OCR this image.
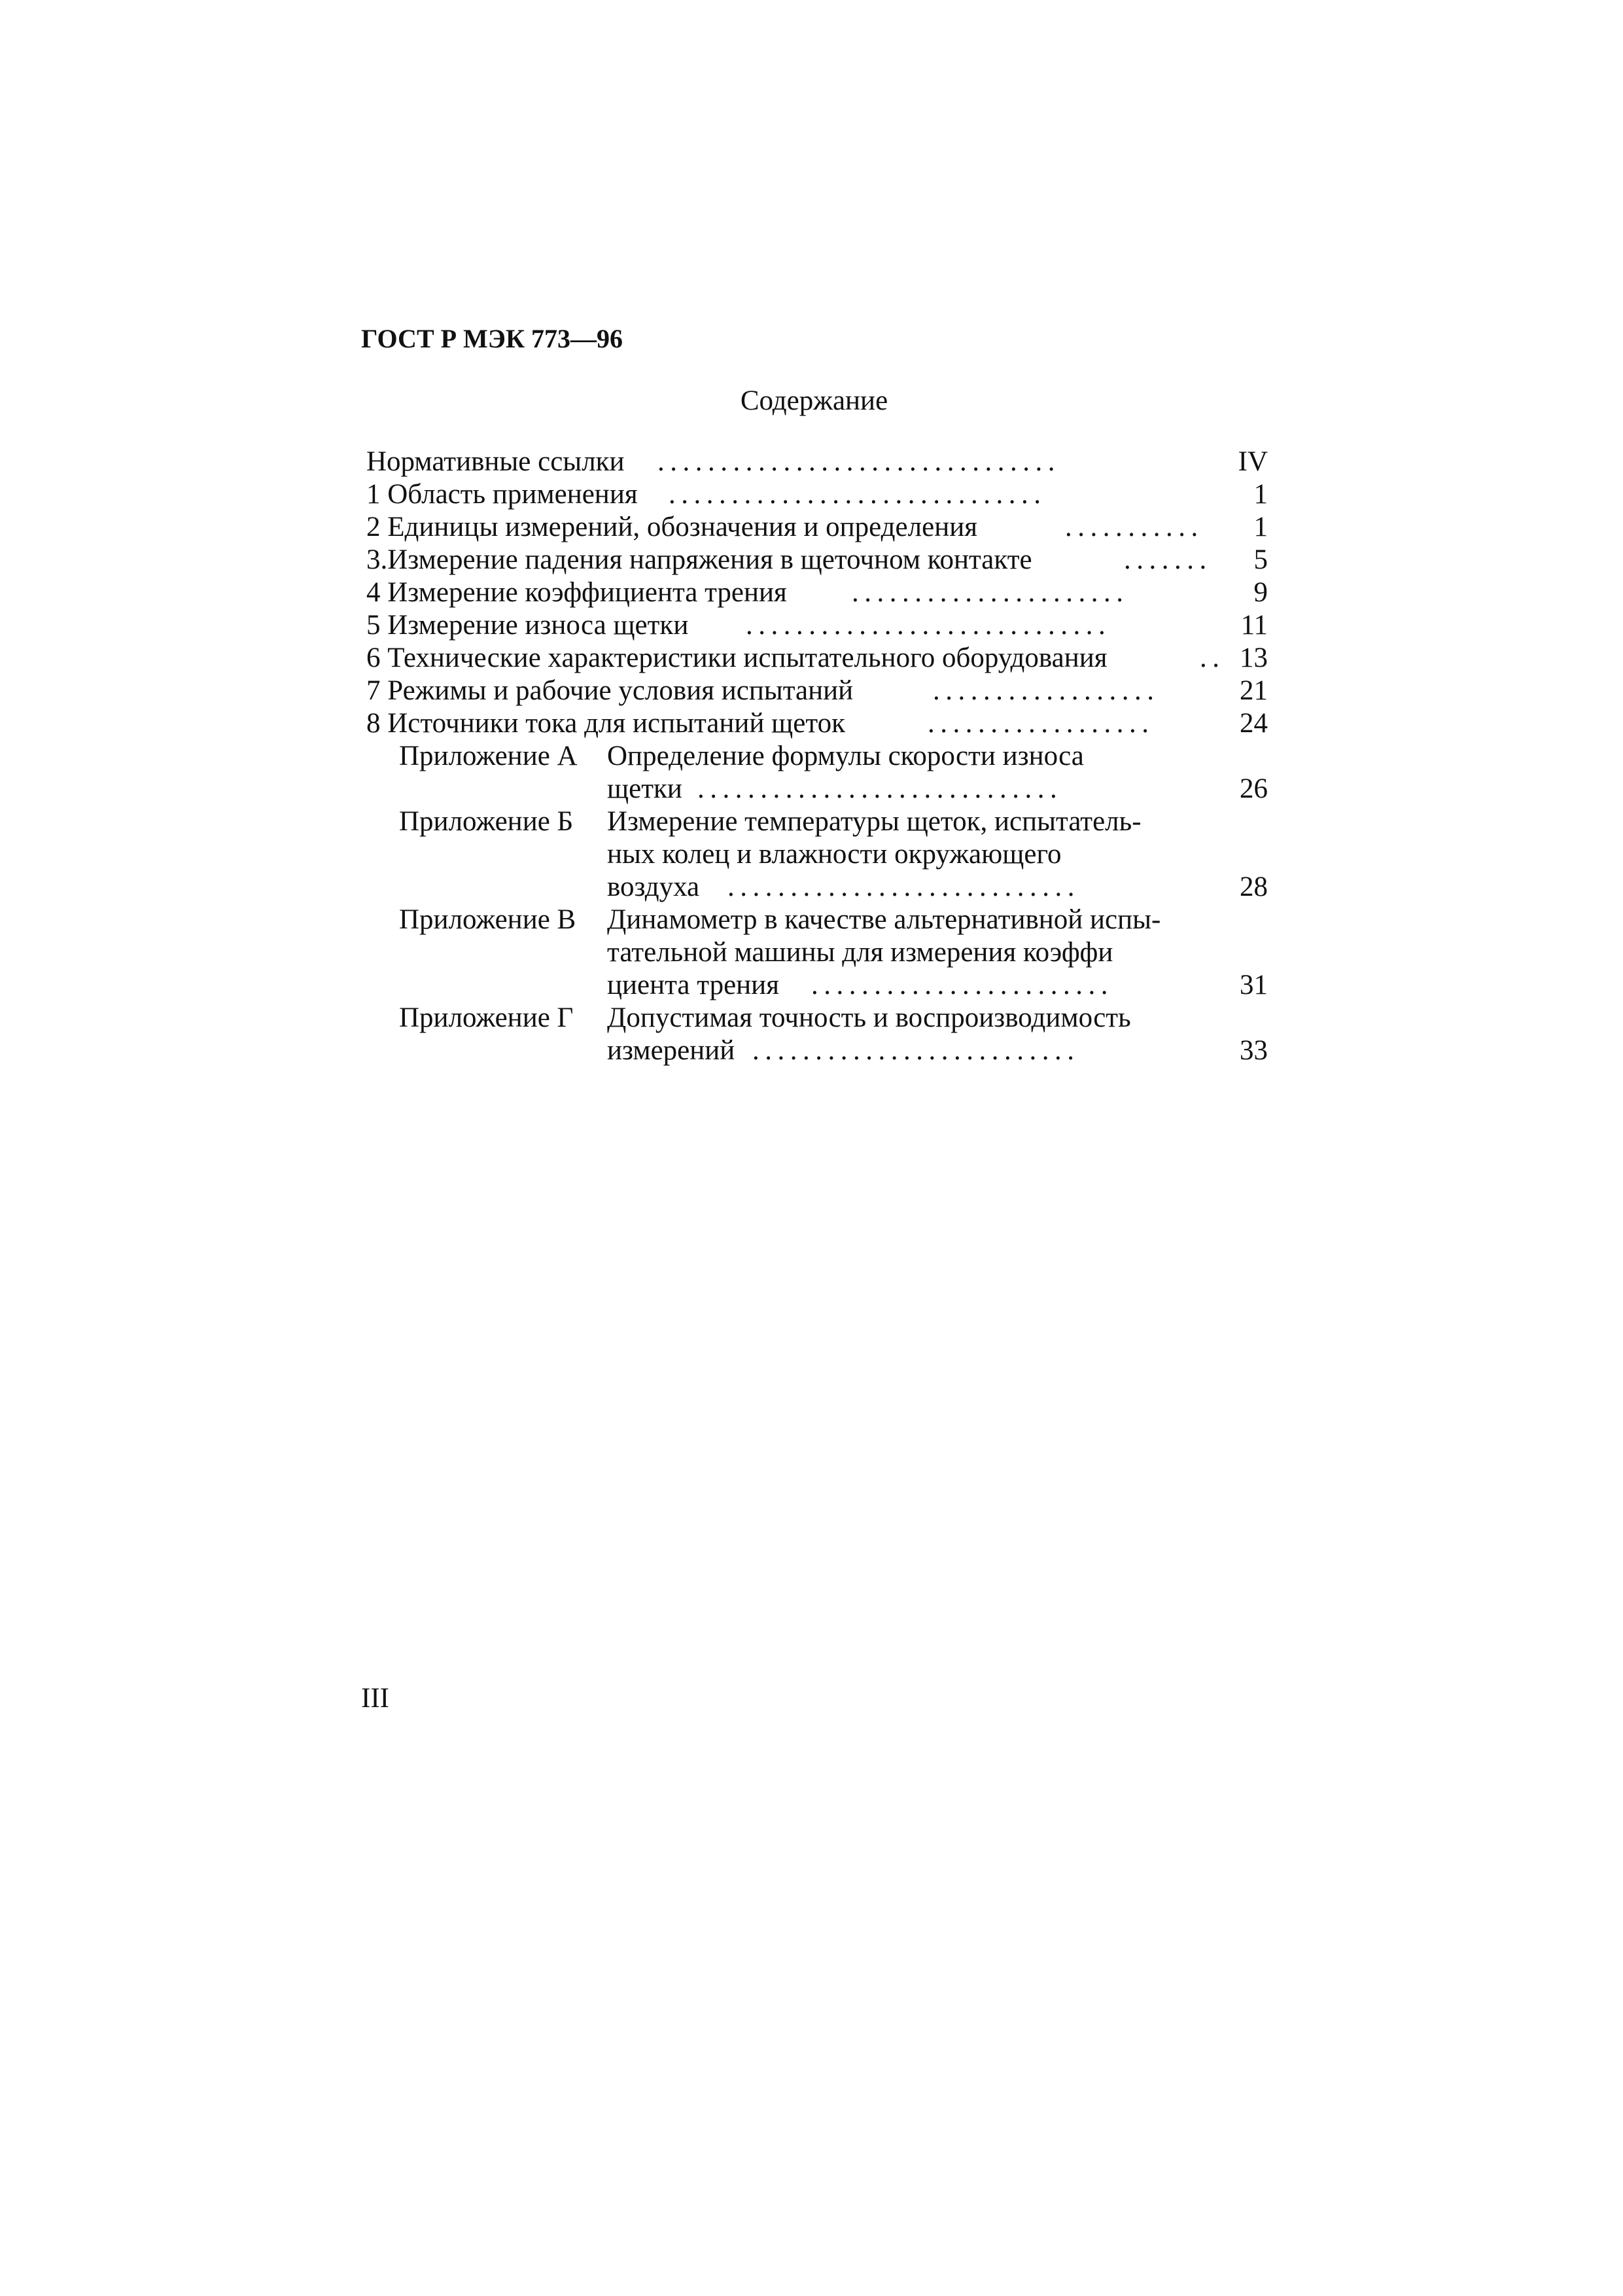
ГОСТ Р МЭК 773—96
Содержание
Нормативные ссылки ................................	IV
1 Область применения ..............................	1
2 Единицы измерений, обозначения и определения	...........	1
3.Измерение падения напряжения в щеточном контакте	.......	5
4 Измерение коэффициента трения ......................	9
5 Измерение износа щетки .............................	11
6 Технические характеристики испытательного оборудования	.. 13
7 Режимы и рабочие условия испытаний	..................	21
8 Источники тока для испытаний щеток	..................	24
Приложение А Определение формулы скорости износа
щетки .............................	26
Приложение Б Измерение температуры щеток, испытатель-
ных колец и влажности окружающего
воздуха ............................	28
Приложение В Динамометр в качестве альтернативной испы-
тательной машины для измерения коэффи
циента трения ........................	31
Приложение Г Допустимая точность и воспроизводимость
измерений ..........................	33
III
